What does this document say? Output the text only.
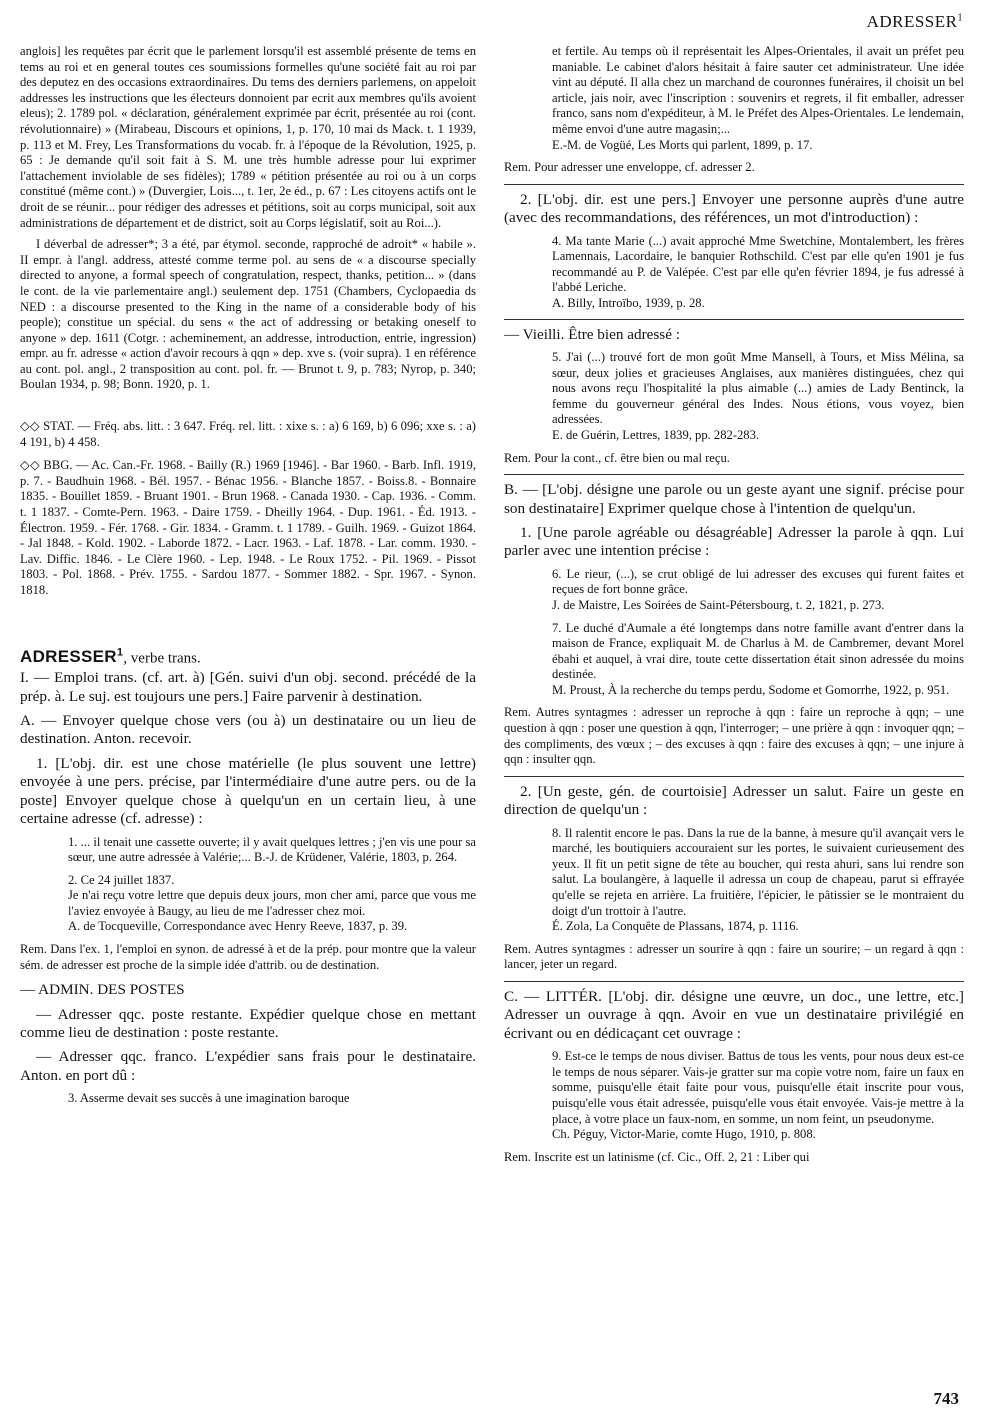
ADRESSER$^1$

anglois] les requêtes par écrit que le parlement lorsqu'il est assemblé présente de tems en tems au roi et en general toutes ces soumissions formelles qu'une société fait au roi par des deputez en des occasions extraordinaires. Du tems des derniers parlemens, on appeloit addresses les instructions que les électeurs donnoient par ecrit aux membres qu'ils avoient eleus); 2. 1789 pol. « déclaration, généralement exprimée par écrit, présentée au roi (cont. révolutionnaire) » (Mirabeau, Discours et opinions, 1, p. 170, 10 mai ds Mack. t. 1 1939, p. 113 et M. Frey, Les Transformations du vocab. fr. à l'époque de la Révolution, 1925, p. 65 : Je demande qu'il soit fait à S. M. une très humble adresse pour lui exprimer l'attachement inviolable de ses fidèles); 1789 « pétition présentée au roi ou à un corps constitué (même cont.) » (Duvergier, Lois..., t. 1er, 2e éd., p. 67 : Les citoyens actifs ont le droit de se réunir... pour rédiger des adresses et pétitions, soit au corps municipal, soit aux administrations de département et de district, soit au Corps législatif, soit au Roi...).

I déverbal de adresser*; 3 a été, par étymol. seconde, rapproché de adroit* « habile ». II empr. à l'angl. address, attesté comme terme pol. au sens de « a discourse specially directed to anyone, a formal speech of congratulation, respect, thanks, petition... » (dans le cont. de la vie parlementaire angl.) seulement dep. 1751 (Chambers, Cyclopaedia ds NED : a discourse presented to the King in the name of a considerable body of his people); constitue un spécial. du sens « the act of addressing or betaking oneself to anyone » dep. 1611 (Cotgr. : acheminement, an addresse, introduction, entrie, ingression) empr. au fr. adresse « action d'avoir recours à qqn » dep. xve s. (voir supra). 1 en référence au cont. pol. angl., 2 transposition au cont. pol. fr. — Brunot t. 9, p. 783; Nyrop, p. 340; Boulan 1934, p. 98; Bonn. 1920, p. 1.

◇◇ STAT. — Fréq. abs. litt. : 3 647. Fréq. rel. litt. : xixe s. : a) 6 169, b) 6 096; xxe s. : a) 4 191, b) 4 458.

◇◇ BBG. — Ac. Can.-Fr. 1968. - Bailly (R.) 1969 [1946]. - Bar 1960. - Barb. Infl. 1919, p. 7. - Baudhuin 1968. - Bél. 1957. - Bénac 1956. - Blanche 1857. - Boiss.8. - Bonnaire 1835. - Bouillet 1859. - Bruant 1901. - Brun 1968. - Canada 1930. - Cap. 1936. - Comm. t. 1 1837. - Comte-Pern. 1963. - Daire 1759. - Dheilly 1964. - Dup. 1961. - Éd. 1913. - Électron. 1959. - Fér. 1768. - Gir. 1834. - Gramm. t. 1 1789. - Guilh. 1969. - Guizot 1864. - Jal 1848. - Kold. 1902. - Laborde 1872. - Lacr. 1963. - Laf. 1878. - Lar. comm. 1930. - Lav. Diffic. 1846. - Le Clère 1960. - Lep. 1948. - Le Roux 1752. - Pil. 1969. - Pissot 1803. - Pol. 1868. - Prév. 1755. - Sardou 1877. - Sommer 1882. - Spr. 1967. - Synon. 1818.

ADRESSER$^1$, verbe trans.

I. — Emploi trans. (cf. art. à) [Gén. suivi d'un obj. second. précédé de la prép. à. Le suj. est toujours une pers.] Faire parvenir à destination.

A. — Envoyer quelque chose vers (ou à) un destinataire ou un lieu de destination. Anton. recevoir.

1. [L'obj. dir. est une chose matérielle (le plus souvent une lettre) envoyée à une pers. précise, par l'intermédiaire d'une autre pers. ou de la poste] Envoyer quelque chose à quelqu'un en un certain lieu, à une certaine adresse (cf. adresse) :

1. ... il tenait une cassette ouverte; il y avait quelques lettres ; j'en vis une pour sa sœur, une autre adressée à Valérie;... B.-J. de Krüdener, Valérie, 1803, p. 264.

2. Ce 24 juillet 1837.

Je n'ai reçu votre lettre que depuis deux jours, mon cher ami, parce que vous me l'aviez envoyée à Baugy, au lieu de me l'adresser chez moi.

A. de Tocqueville, Correspondance avec Henry Reeve, 1837, p. 39.

Rem. Dans l'ex. 1, l'emploi en synon. de adressé à et de la prép. pour montre que la valeur sém. de adresser est proche de la simple idée d'attrib. ou de destination.

— ADMIN. DES POSTES

— Adresser qqc. poste restante. Expédier quelque chose en mettant comme lieu de destination : poste restante.

— Adresser qqc. franco. L'expédier sans frais pour le destinataire. Anton. en port dû :

3. Asserme devait ses succès à une imagination baroque

et fertile. Au temps où il représentait les Alpes-Orientales, il avait un préfet peu maniable. Le cabinet d'alors hésitait à faire sauter cet administrateur. Une idée vint au député. Il alla chez un marchand de couronnes funéraires, il choisit un bel article, jais noir, avec l'inscription : souvenirs et regrets, il fit emballer, adresser franco, sans nom d'expéditeur, à M. le Préfet des Alpes-Orientales. Le lendemain, même envoi d'une autre magasin;...

E.-M. de Vogüé, Les Morts qui parlent, 1899, p. 17.

Rem. Pour adresser une enveloppe, cf. adresser 2.

2. [L'obj. dir. est une pers.] Envoyer une personne auprès d'une autre (avec des recommandations, des références, un mot d'introduction) :

4. Ma tante Marie (...) avait approché Mme Swetchine, Montalembert, les frères Lamennais, Lacordaire, le banquier Rothschild. C'est par elle qu'en 1901 je fus recommandé au P. de Valépée. C'est par elle qu'en février 1894, je fus adressé à l'abbé Leriche.

A. Billy, Introïbo, 1939, p. 28.

— Vieilli. Être bien adressé :

5. J'ai (...) trouvé fort de mon goût Mme Mansell, à Tours, et Miss Mélina, sa sœur, deux jolies et gracieuses Anglaises, aux manières distinguées, chez qui nous avons reçu l'hospitalité la plus aimable (...) amies de Lady Bentinck, la femme du gouverneur général des Indes. Nous étions, vous voyez, bien adressées.

E. de Guérin, Lettres, 1839, pp. 282-283.

Rem. Pour la cont., cf. être bien ou mal reçu.

B. — [L'obj. désigne une parole ou un geste ayant une signif. précise pour son destinataire] Exprimer quelque chose à l'intention de quelqu'un.

1. [Une parole agréable ou désagréable] Adresser la parole à qqn. Lui parler avec une intention précise :

6. Le rieur, (...), se crut obligé de lui adresser des excuses qui furent faites et reçues de fort bonne grâce.

J. de Maistre, Les Soirées de Saint-Pétersbourg, t. 2, 1821, p. 273.

7. Le duché d'Aumale a été longtemps dans notre famille avant d'entrer dans la maison de France, expliquait M. de Charlus à M. de Cambremer, devant Morel ébahi et auquel, à vrai dire, toute cette dissertation était sinon adressée du moins destinée.

M. Proust, À la recherche du temps perdu, Sodome et Gomorrhe, 1922, p. 951.

Rem. Autres syntagmes : adresser un reproche à qqn : faire un reproche à qqn; – une question à qqn : poser une question à qqn, l'interroger; – une prière à qqn : invoquer qqn; – des compliments, des vœux ; – des excuses à qqn : faire des excuses à qqn; – une injure à qqn : insulter qqn.

2. [Un geste, gén. de courtoisie] Adresser un salut. Faire un geste en direction de quelqu'un :

8. Il ralentit encore le pas. Dans la rue de la banne, à mesure qu'il avançait vers le marché, les boutiquiers accouraient sur les portes, le suivaient curieusement des yeux. Il fit un petit signe de tête au boucher, qui resta ahuri, sans lui rendre son salut. La boulangère, à laquelle il adressa un coup de chapeau, parut si effrayée qu'elle se rejeta en arrière. La fruitière, l'épicier, le pâtissier se le montraient du doigt d'un trottoir à l'autre.

É. Zola, La Conquête de Plassans, 1874, p. 1116.

Rem. Autres syntagmes : adresser un sourire à qqn : faire un sourire; – un regard à qqn : lancer, jeter un regard.

C. — LITTÉR. [L'obj. dir. désigne une œuvre, un doc., une lettre, etc.] Adresser un ouvrage à qqn. Avoir en vue un destinataire privilégié en écrivant ou en dédicaçant cet ouvrage :

9. Est-ce le temps de nous diviser. Battus de tous les vents, pour nous deux est-ce le temps de nous séparer. Vais-je gratter sur ma copie votre nom, faire un faux en somme, puisqu'elle était faite pour vous, puisqu'elle était inscrite pour vous, puisqu'elle vous était adressée, puisqu'elle vous était envoyée. Vais-je mettre à la place, à votre place un faux-nom, en somme, un nom feint, un pseudonyme.

Ch. Péguy, Victor-Marie, comte Hugo, 1910, p. 808.

Rem. Inscrite est un latinisme (cf. Cic., Off. 2, 21 : Liber qui

743
